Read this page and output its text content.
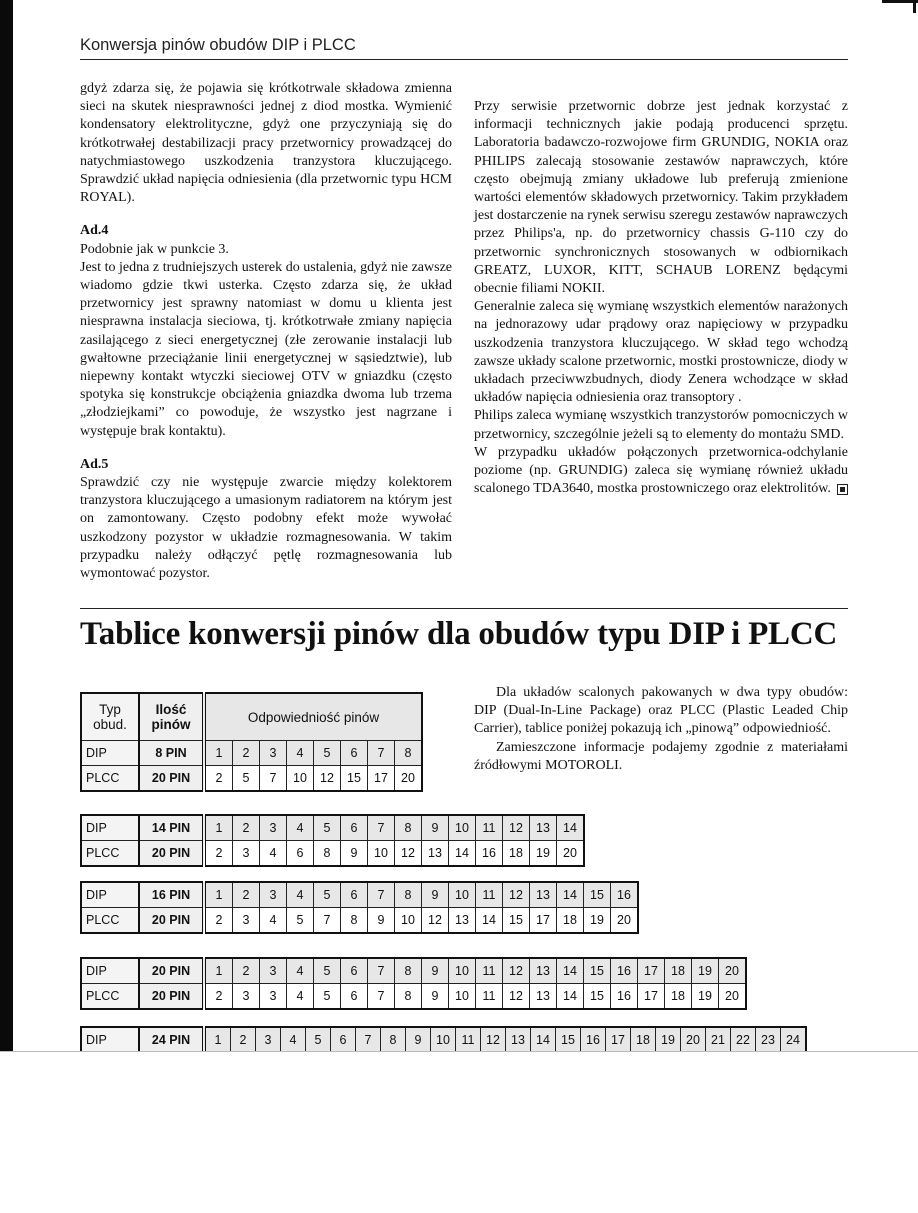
Konwersja pinów obudów DIP i PLCC

gdyż zdarza się, że pojawia się krótkotrwale składowa zmienna sieci na skutek niesprawności jednej z diod mostka. Wymienić kondensatory elektrolityczne, gdyż one przyczyniają się do krótkotrwałej destabilizacji pracy przetwornicy prowadzącej do natychmiastowego uszkodzenia tranzystora kluczującego. Sprawdzić układ napięcia odniesienia (dla przetwornic typu HCM ROYAL).

Ad.4

Podobnie jak w punkcie 3.

Jest to jedna z trudniejszych usterek do ustalenia, gdyż nie zawsze wiadomo gdzie tkwi usterka. Często zdarza się, że układ przetwornicy jest sprawny natomiast w domu u klienta jest niesprawna instalacja sieciowa, tj. krótkotrwałe zmiany napięcia zasilającego z sieci energetycznej (złe zerowanie instalacji lub gwałtowne przeciążanie linii energetycznej w sąsiedztwie), lub niepewny kontakt wtyczki sieciowej OTV w gniazdku (często spotyka się konstrukcje obciążenia gniazdka dwoma lub trzema „złodziejkami” co powoduje, że wszystko jest nagrzane i występuje brak kontaktu).

Ad.5

Sprawdzić czy nie występuje zwarcie między kolektorem tranzystora kluczującego a umasionym radiatorem na którym jest on zamontowany. Często podobny efekt może wywołać uszkodzony pozystor w układzie rozmagnesowania. W takim przypadku należy odłączyć pętlę rozmagnesowania lub wymontować pozystor.

Przy serwisie przetwornic dobrze jest jednak korzystać z informacji technicznych jakie podają producenci sprzętu. Laboratoria badawczo-rozwojowe firm GRUNDIG, NOKIA oraz PHILIPS zalecają stosowanie zestawów naprawczych, które często obejmują zmiany układowe lub preferują zmienione wartości elementów składowych przetwornicy. Takim przykładem jest dostarczenie na rynek serwisu szeregu zestawów naprawczych przez Philips'a, np. do przetwornicy chassis G-110 czy do przetwornic synchronicznych stosowanych w odbiornikach GREATZ, LUXOR, KITT, SCHAUB LORENZ będącymi obecnie filiami NOKII.

Generalnie zaleca się wymianę wszystkich elementów narażonych na jednorazowy udar prądowy oraz napięciowy w przypadku uszkodzenia tranzystora kluczującego. W skład tego wchodzą zawsze układy scalone przetwornic, mostki prostownicze, diody w układach przeciwwzbudnych, diody Zenera wchodzące w skład układów napięcia odniesienia oraz transoptory .

Philips zaleca wymianę wszystkich tranzystorów pomocniczych w przetwornicy, szczególnie jeżeli są to elementy do montażu SMD.

W przypadku układów połączonych przetwornica-odchylanie poziome (np. GRUNDIG) zaleca się wymianę również układu scalonego TDA3640, mostka prostowniczego oraz elektrolitów.

Tablice konwersji pinów dla obudów typu DIP i PLCC

Dla układów scalonych pakowanych w dwa typy obudów: DIP (Dual-In-Line Package) oraz PLCC (Plastic Leaded Chip Carrier), tablice poniżej pokazują ich „pinową” odpowiedniość.

Zamieszczone informacje podajemy zgodnie z materiałami źródłowymi MOTOROLI.

Typ obud.	Ilość pinów	Odpowiedniość pinów							
DIP	8 PIN	1	2	3	4	5	6	7	8
PLCC	20 PIN	2	5	7	10	12	15	17	20
DIP	14 PIN	1	2	3	4	5	6	7	8	9	10	11	12	13	14
PLCC	20 PIN	2	3	4	6	8	9	10	12	13	14	16	18	19	20
DIP	16 PIN	1	2	3	4	5	6	7	8	9	10	11	12	13	14	15	16
PLCC	20 PIN	2	3	4	5	7	8	9	10	12	13	14	15	17	18	19	20
DIP	20 PIN	1	2	3	4	5	6	7	8	9	10	11	12	13	14	15	16	17	18	19	20
PLCC	20 PIN	2	3	3	4	5	6	7	8	9	10	11	12	13	14	15	16	17	18	19	20
DIP	24 PIN	1	2	3	4	5	6	7	8	9	10	11	12	13	14	15	16	17	18	19	20	21	22	23	24
